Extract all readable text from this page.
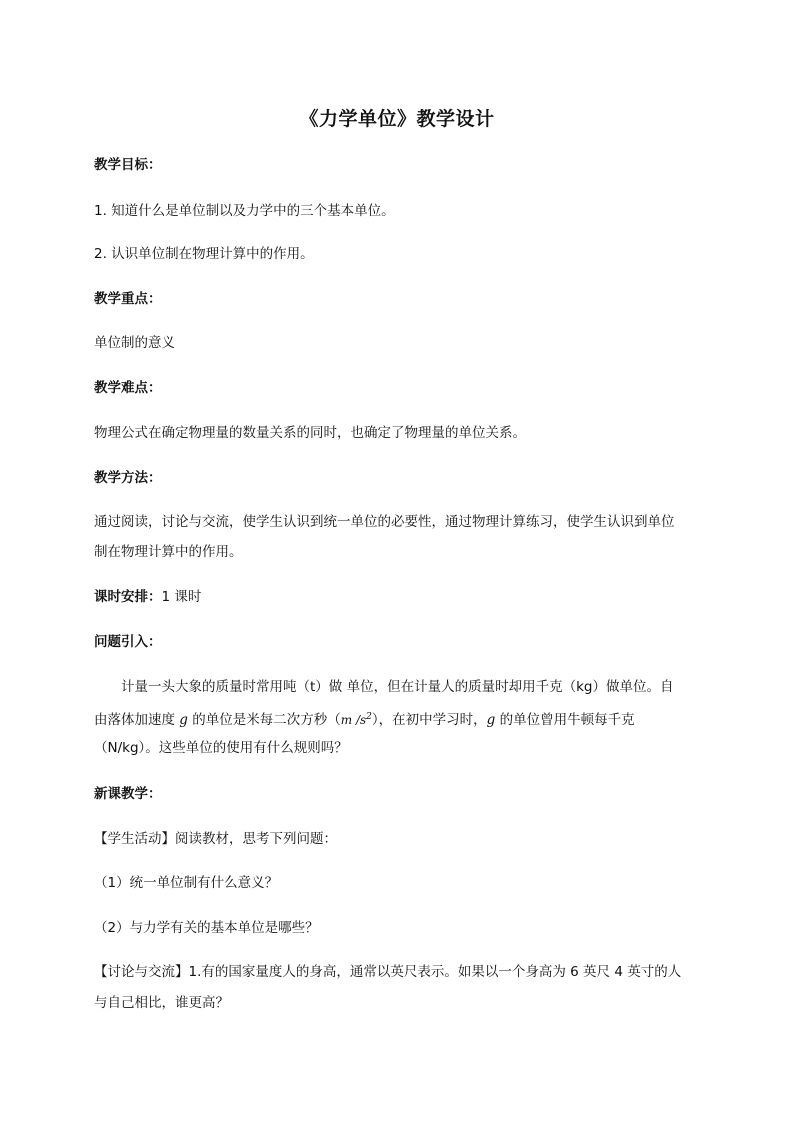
《力学单位》教学设计
教学目标：
1. 知道什么是单位制以及力学中的三个基本单位。
2. 认识单位制在物理计算中的作用。
教学重点：
单位制的意义
教学难点：
物理公式在确定物理量的数量关系的同时，也确定了物理量的单位关系。
教学方法：
通过阅读，讨论与交流，使学生认识到统一单位的必要性，通过物理计算练习，使学生认识到单位
制在物理计算中的作用。
课时安排：1 课时
问题引入：
计量一头大象的质量时常用吨（t）做 单位，但在计量人的质量时却用千克（kg）做单位。自
由落体加速度 g 的单位是米每二次方秒（m $/s^2$），在初中学习时，g 的单位曾用牛顿每千克
（N/kg）。这些单位的使用有什么规则吗？
新课教学：
【学生活动】阅读教材，思考下列问题：
（1）统一单位制有什么意义？
（2）与力学有关的基本单位是哪些？
【讨论与交流】1.有的国家量度人的身高，通常以英尺表示。如果以一个身高为 6 英尺 4 英寸的人
与自己相比，谁更高？
